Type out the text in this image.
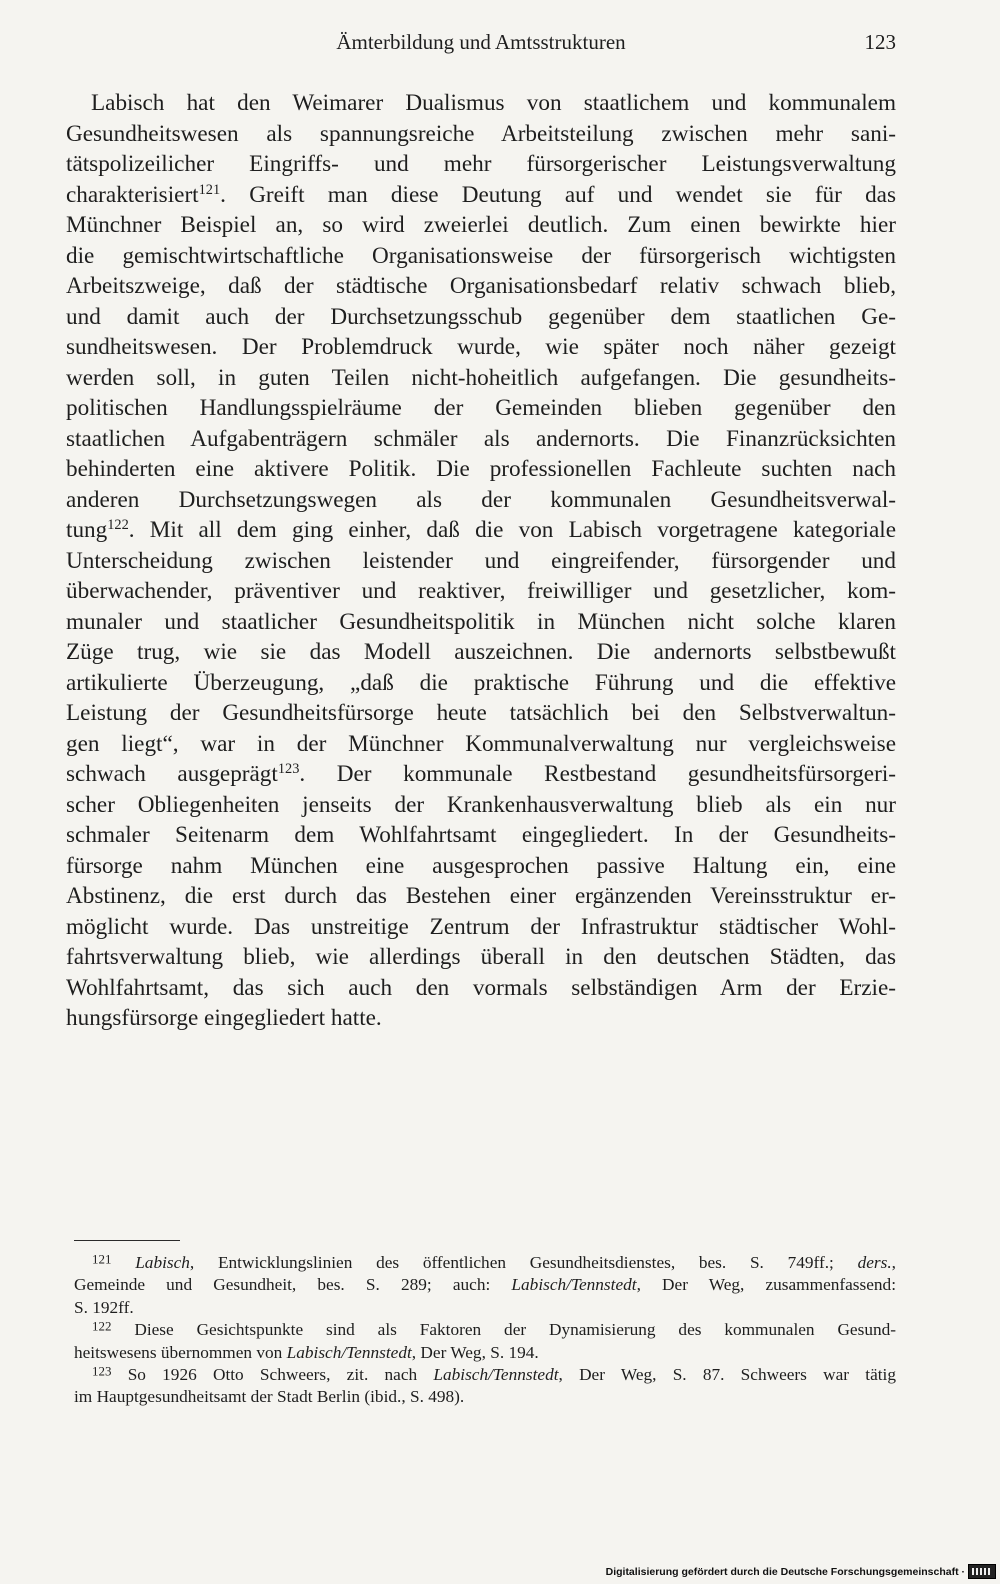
Ämterbildung und Amtsstrukturen	123
Labisch hat den Weimarer Dualismus von staatlichem und kommunalem
Gesundheitswesen als spannungsreiche Arbeitsteilung zwischen mehr sani-
tätspolizeilicher Eingriffs- und mehr fürsorgerischer Leistungsverwaltung
charakterisiert$^{121}$. Greift man diese Deutung auf und wendet sie für das
Münchner Beispiel an, so wird zweierlei deutlich. Zum einen bewirkte hier
die gemischtwirtschaftliche Organisationsweise der fürsorgerisch wichtigsten
Arbeitszweige, daß der städtische Organisationsbedarf relativ schwach blieb,
und damit auch der Durchsetzungsschub gegenüber dem staatlichen Ge-
sundheitswesen. Der Problemdruck wurde, wie später noch näher gezeigt
werden soll, in guten Teilen nicht-hoheitlich aufgefangen. Die gesundheits-
politischen Handlungsspielräume der Gemeinden blieben gegenüber den
staatlichen Aufgabenträgern schmäler als andernorts. Die Finanzrücksichten
behinderten eine aktivere Politik. Die professionellen Fachleute suchten nach
anderen Durchsetzungswegen als der kommunalen Gesundheitsverwal-
tung$^{122}$. Mit all dem ging einher, daß die von Labisch vorgetragene kategoriale
Unterscheidung zwischen leistender und eingreifender, fürsorgender und
überwachender, präventiver und reaktiver, freiwilliger und gesetzlicher, kom-
munaler und staatlicher Gesundheitspolitik in München nicht solche klaren
Züge trug, wie sie das Modell auszeichnen. Die andernorts selbstbewußt
artikulierte Überzeugung, „daß die praktische Führung und die effektive
Leistung der Gesundheitsfürsorge heute tatsächlich bei den Selbstverwaltun-
gen liegt“, war in der Münchner Kommunalverwaltung nur vergleichsweise
schwach ausgeprägt$^{123}$. Der kommunale Restbestand gesundheitsfürsorgeri-
scher Obliegenheiten jenseits der Krankenhausverwaltung blieb als ein nur
schmaler Seitenarm dem Wohlfahrtsamt eingegliedert. In der Gesundheits-
fürsorge nahm München eine ausgesprochen passive Haltung ein, eine
Abstinenz, die erst durch das Bestehen einer ergänzenden Vereinsstruktur er-
möglicht wurde. Das unstreitige Zentrum der Infrastruktur städtischer Wohl-
fahrtsverwaltung blieb, wie allerdings überall in den deutschen Städten, das
Wohlfahrtsamt, das sich auch den vormals selbständigen Arm der Erzie-
hungsfürsorge eingegliedert hatte.
$^{121}$ Labisch, Entwicklungslinien des öffentlichen Gesundheitsdienstes, bes. S. 749ff.; ders.,
Gemeinde und Gesundheit, bes. S. 289; auch: Labisch/Tennstedt, Der Weg, zusammenfassend:
S. 192ff.
$^{122}$ Diese Gesichtspunkte sind als Faktoren der Dynamisierung des kommunalen Gesund-
heitswesens übernommen von Labisch/Tennstedt, Der Weg, S. 194.
$^{123}$ So 1926 Otto Schweers, zit. nach Labisch/Tennstedt, Der Weg, S. 87. Schweers war tätig
im Hauptgesundheitsamt der Stadt Berlin (ibid., S. 498).
Digitalisierung gefördert durch die Deutsche Forschungsgemeinschaft ·
